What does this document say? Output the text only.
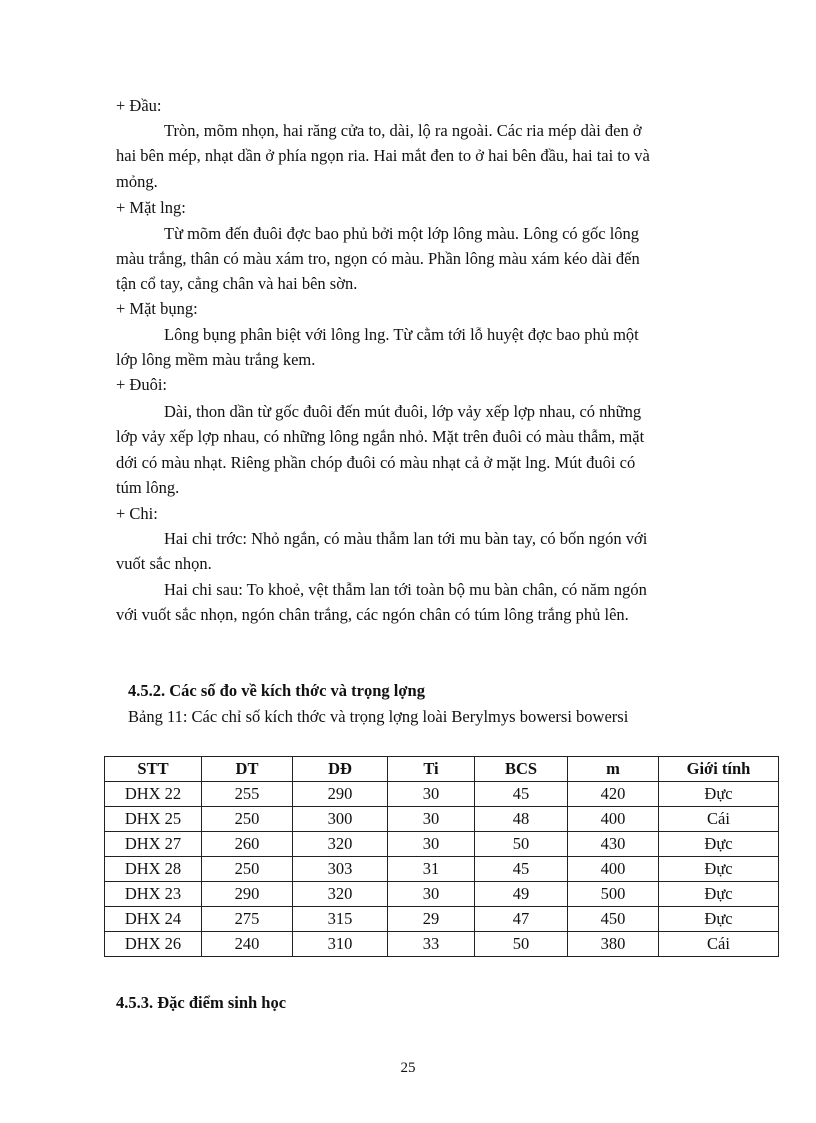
+ Đầu:
Tròn, mõm nhọn, hai răng cửa to, dài, lộ ra ngoài. Các ria mép dài đen ở
hai bên mép, nhạt dần ở phía ngọn ria. Hai mắt đen to ở hai bên đầu, hai tai to và
mỏng.
+ Mặt lng:
Từ mõm đến đuôi đợc bao phủ bởi một lớp lông màu. Lông có gốc lông
màu trắng, thân có màu xám tro, ngọn có màu. Phần lông màu xám kéo dài đến
tận cổ tay, cẳng chân và hai bên sờn.
+ Mặt bụng:
Lông bụng phân biệt với lông lng. Từ cằm tới lỗ huyệt đợc bao phủ một
lớp lông mềm màu trắng kem.
+ Đuôi:
Dài, thon dần từ gốc đuôi đến mút đuôi, lớp vảy xếp lợp nhau, có những
lớp vảy xếp lợp nhau, có những lông ngắn nhỏ. Mặt trên đuôi có màu thẫm, mặt
dới có màu nhạt. Riêng phần chóp đuôi có màu nhạt cả ở mặt lng. Mút đuôi có
túm lông.
+ Chi:
Hai chi trớc: Nhỏ ngắn, có màu thẫm lan tới mu bàn tay, có bốn ngón với
vuốt sắc nhọn.
Hai chi sau: To khoẻ, vệt thẫm lan tới toàn bộ mu bàn chân, có năm ngón
với vuốt sắc nhọn, ngón chân trắng, các ngón chân có túm lông trắng phủ lên.
4.5.2. Các số đo về kích thớc và trọng lợng
Bảng 11: Các chỉ số kích thớc và trọng lợng loài Berylmys bowersi bowersi
STT	DT	DĐ	Ti	BCS	m	Giới tính
DHX 22	255	290	30	45	420	Đực
DHX 25	250	300	30	48	400	Cái
DHX 27	260	320	30	50	430	Đực
DHX 28	250	303	31	45	400	Đực
DHX 23	290	320	30	49	500	Đực
DHX 24	275	315	29	47	450	Đực
DHX 26	240	310	33	50	380	Cái
4.5.3. Đặc điểm sinh học
25
